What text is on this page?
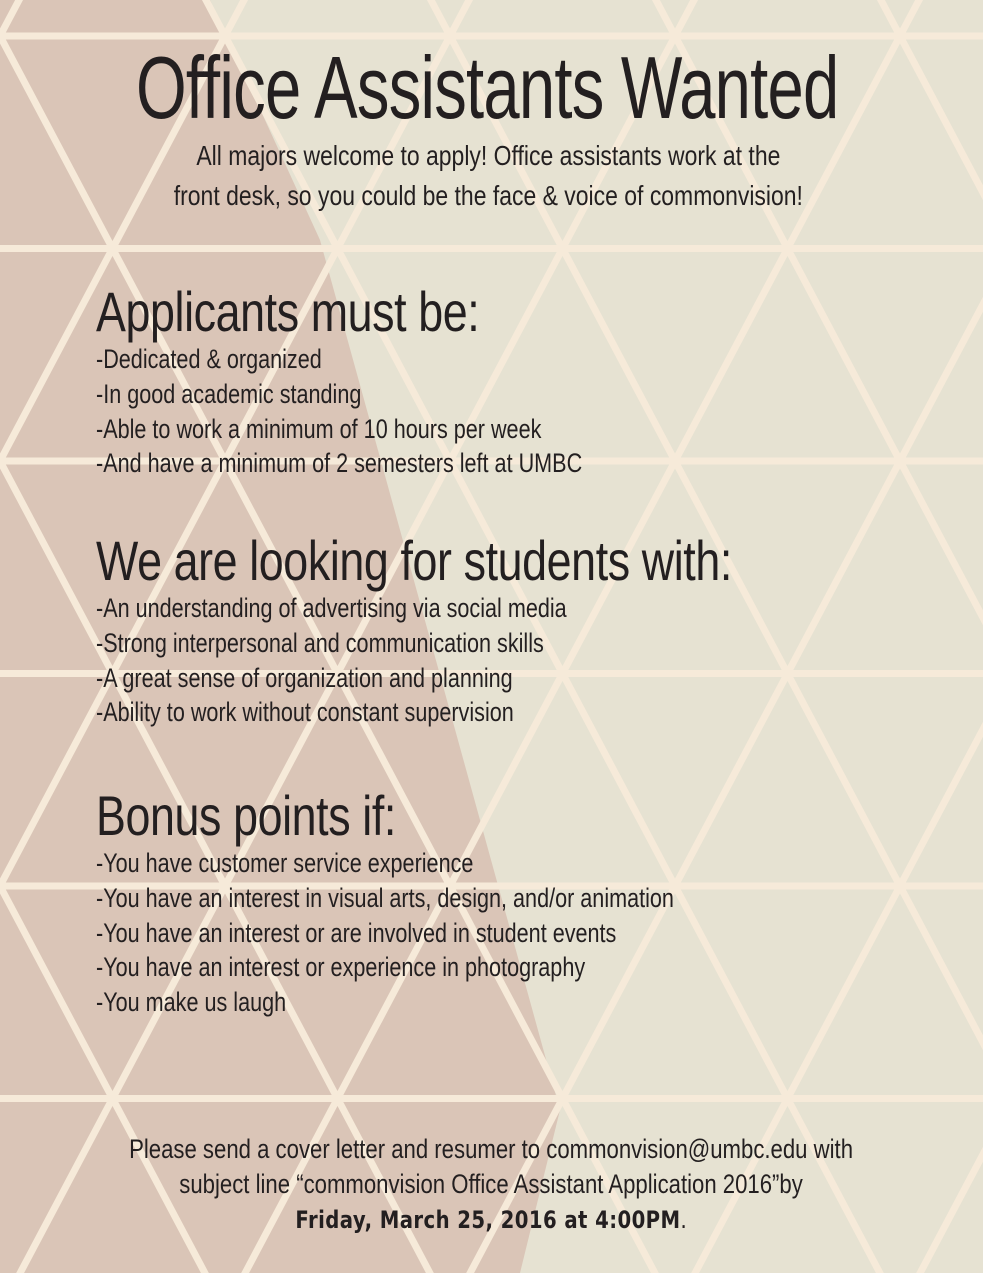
Office Assistants Wanted
All majors welcome to apply! Office assistants work at the
front desk, so you could be the face & voice of commonvision!
Applicants must be:
-Dedicated & organized
-In good academic standing
-Able to work a minimum of 10 hours per week
-And have a minimum of 2 semesters left at UMBC
We are looking for students with:
-An understanding of advertising via social media
-Strong interpersonal and communication skills
-A great sense of organization and planning
-Ability to work without constant supervision
Bonus points if:
-You have customer service experience
-You have an interest in visual arts, design, and/or animation
-You have an interest or are involved in student events
-You have an interest or experience in photography
-You make us laugh
Please send a cover letter and resumer to commonvision@umbc.edu with
subject line “commonvision Office Assistant Application 2016”by
Friday, March 25, 2016 at 4:00PM.
